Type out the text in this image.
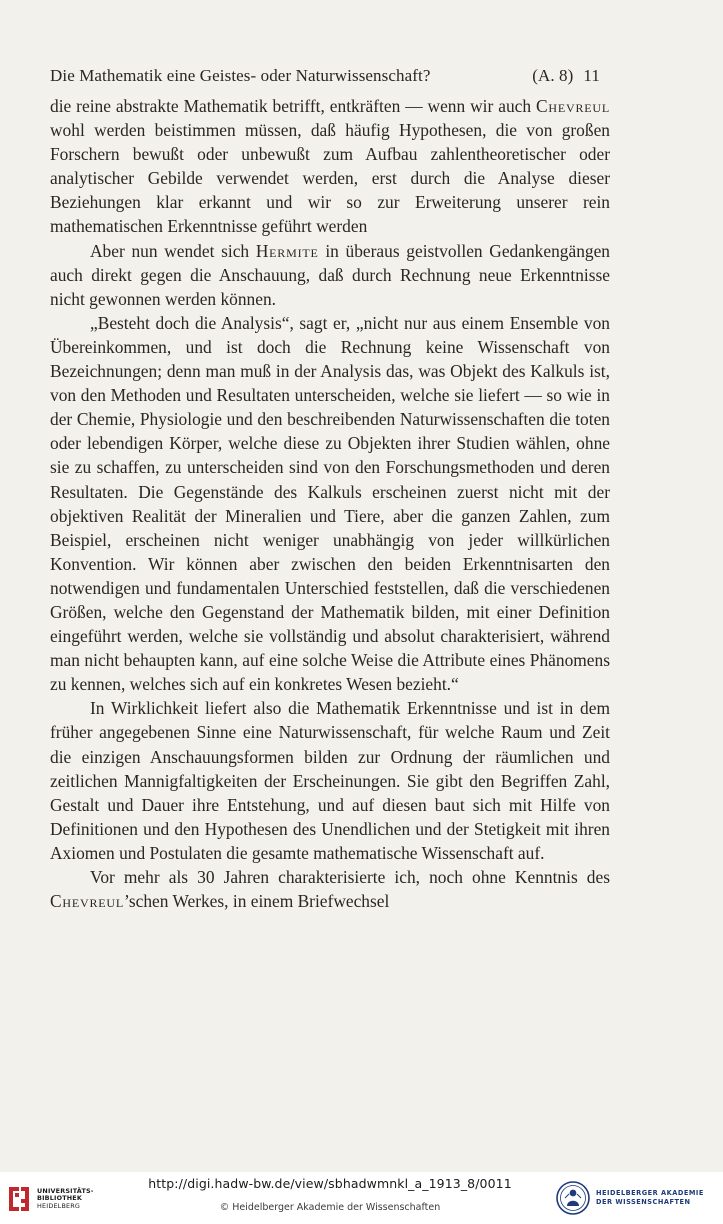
Die Mathematik eine Geistes- oder Naturwissenschaft?	(A. 8) 11

die reine abstrakte Mathematik betrifft, entkräften — wenn wir auch Chevreul wohl werden beistimmen müssen, daß häufig Hypothesen, die von großen Forschern bewußt oder unbewußt zum Aufbau zahlentheoretischer oder analytischer Gebilde verwendet werden, erst durch die Analyse dieser Beziehungen klar erkannt und wir so zur Erweiterung unserer rein mathematischen Erkenntnisse geführt werden

Aber nun wendet sich Hermite in überaus geistvollen Gedankengängen auch direkt gegen die Anschauung, daß durch Rechnung neue Erkenntnisse nicht gewonnen werden können.

„Besteht doch die Analysis“, sagt er, „nicht nur aus einem Ensemble von Übereinkommen, und ist doch die Rechnung keine Wissenschaft von Bezeichnungen; denn man muß in der Analysis das, was Objekt des Kalkuls ist, von den Methoden und Resultaten unterscheiden, welche sie liefert — so wie in der Chemie, Physiologie und den beschreibenden Naturwissenschaften die toten oder lebendigen Körper, welche diese zu Objekten ihrer Studien wählen, ohne sie zu schaffen, zu unterscheiden sind von den Forschungsmethoden und deren Resultaten. Die Gegenstände des Kalkuls erscheinen zuerst nicht mit der objektiven Realität der Mineralien und Tiere, aber die ganzen Zahlen, zum Beispiel, erscheinen nicht weniger unabhängig von jeder willkürlichen Konvention. Wir können aber zwischen den beiden Erkenntnisarten den notwendigen und fundamentalen Unterschied feststellen, daß die verschiedenen Größen, welche den Gegenstand der Mathematik bilden, mit einer Definition eingeführt werden, welche sie vollständig und absolut charakterisiert, während man nicht behaupten kann, auf eine solche Weise die Attribute eines Phänomens zu kennen, welches sich auf ein konkretes Wesen bezieht.“

In Wirklichkeit liefert also die Mathematik Erkenntnisse und ist in dem früher angegebenen Sinne eine Naturwissenschaft, für welche Raum und Zeit die einzigen Anschauungsformen bilden zur Ordnung der räumlichen und zeitlichen Mannigfaltigkeiten der Erscheinungen. Sie gibt den Begriffen Zahl, Gestalt und Dauer ihre Entstehung, und auf diesen baut sich mit Hilfe von Definitionen und den Hypothesen des Unendlichen und der Stetigkeit mit ihren Axiomen und Postulaten die gesamte mathematische Wissenschaft auf.

Vor mehr als 30 Jahren charakterisierte ich, noch ohne Kenntnis des Chevreul’schen Werkes, in einem Briefwechsel

UNIVERSITÄTS-
BIBLIOTHEK
HEIDELBERG
http://digi.hadw-bw.de/view/sbhadwmnkl_a_1913_8/0011
© Heidelberger Akademie der Wissenschaften
HEIDELBERGER AKADEMIE
DER WISSENSCHAFTEN
